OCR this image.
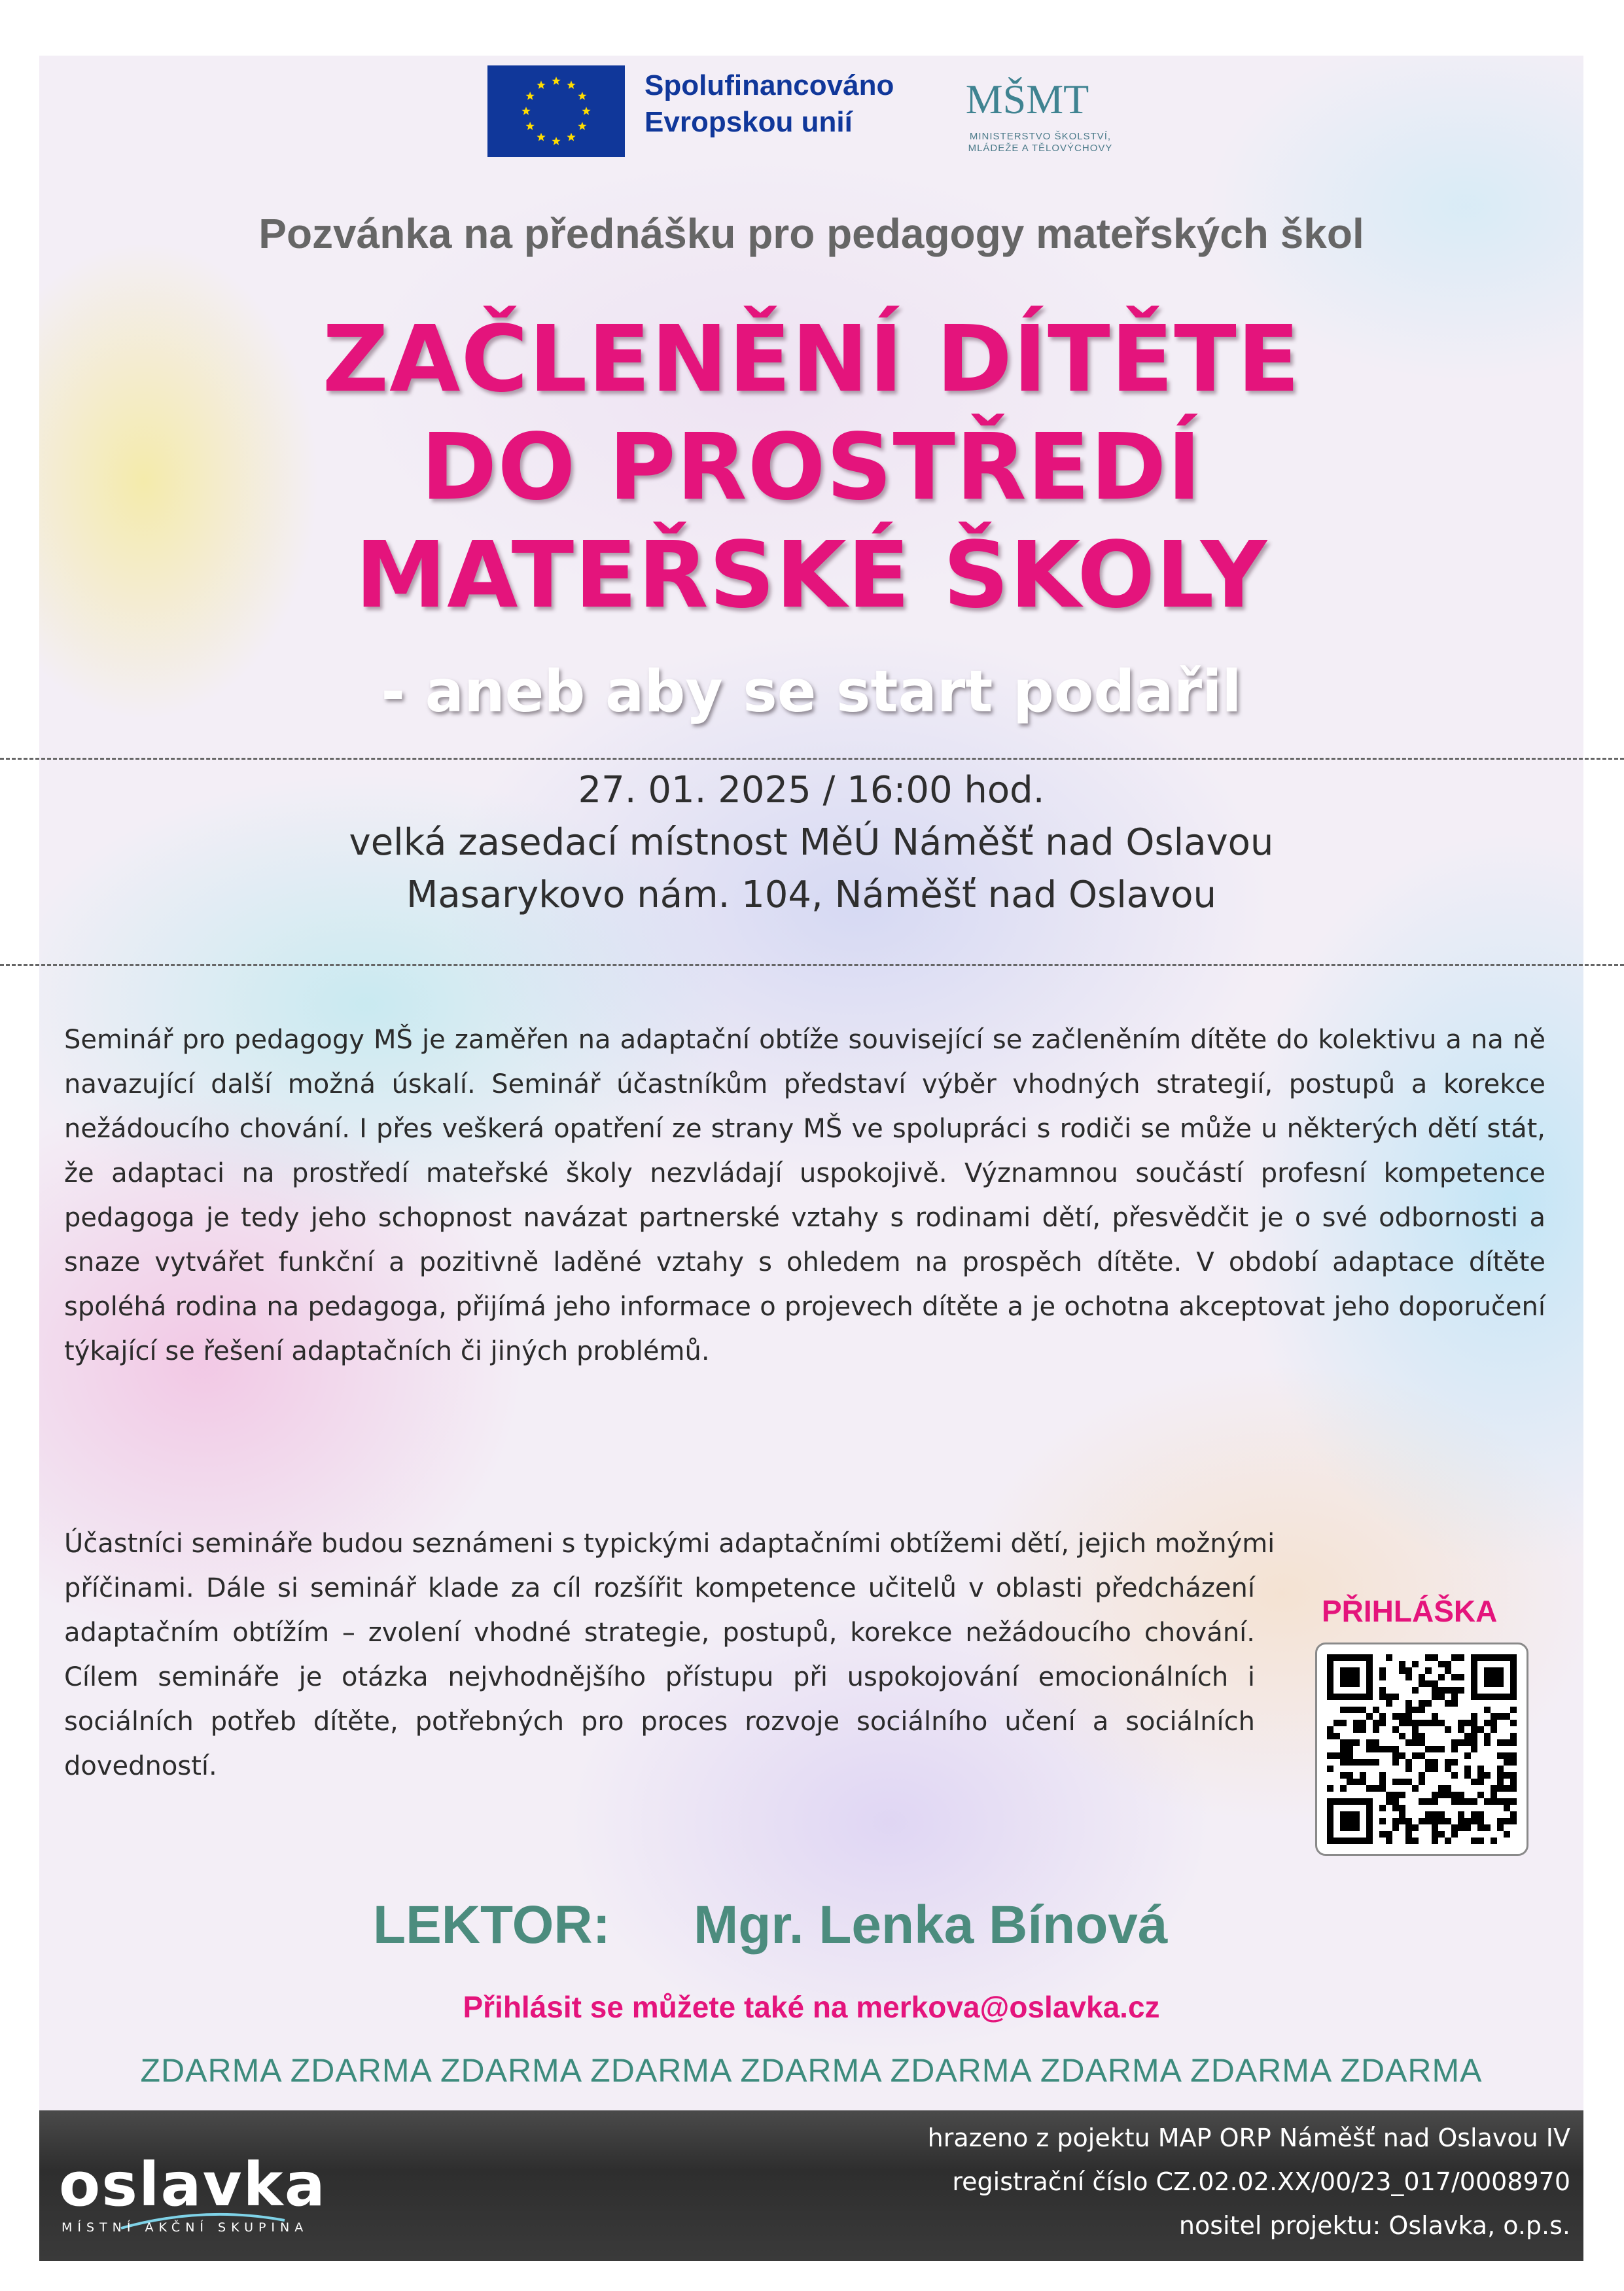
Spolufinancováno
Evropskou unií	MŠMT
MINISTERSTVO ŠKOLSTVÍ,
MLÁDEŽE A TĚLOVÝCHOVY
Pozvánka na přednášku pro pedagogy mateřských škol
ZAČLENĚNÍ DÍTĚTE
DO PROSTŘEDÍ
MATEŘSKÉ ŠKOLY
- aneb aby se start podařil
27. 01. 2025 / 16:00 hod.
velká zasedací místnost MěÚ Náměšť nad Oslavou
Masarykovo nám. 104, Náměšť nad Oslavou
Seminář pro pedagogy MŠ je zaměřen na adaptační obtíže související se začleněním dítěte do kolektivu a na ně navazující další možná úskalí. Seminář účastníkům představí výběr vhodných strategií, postupů a korekce nežádoucího chování. I přes veškerá opatření ze strany MŠ ve spolupráci s rodiči se může u některých dětí stát, že adaptaci na prostředí mateřské školy nezvládají uspokojivě. Významnou součástí profesní kompetence pedagoga je tedy jeho schopnost navázat partnerské vztahy s rodinami dětí, přesvědčit je o své odbornosti a snaze vytvářet funkční a pozitivně laděné vztahy s ohledem na prospěch dítěte. V období adaptace dítěte spoléhá rodina na pedagoga, přijímá jeho informace o projevech dítěte a je ochotna akceptovat jeho doporučení týkající se řešení adaptačních či jiných problémů.
Účastníci semináře budou seznámeni s typickými adaptačními obtížemi dětí, jejich možnými
příčinami. Dále si seminář klade za cíl rozšířit kompetence učitelů v oblasti předcházení adaptačním obtížím – zvolení vhodné strategie, postupů, korekce nežádoucího chování. Cílem semináře je otázka nejvhodnějšího přístupu při uspokojování emocionálních i sociálních potřeb dítěte, potřebných pro proces rozvoje sociálního učení a sociálních dovedností.
PŘIHLÁŠKA
LEKTOR: Mgr. Lenka Bínová
Přihlásit se můžete také na merkova@oslavka.cz
ZDARMA ZDARMA ZDARMA ZDARMA ZDARMA ZDARMA ZDARMA ZDARMA ZDARMA
oslavka
MÍSTNÍ AKČNÍ SKUPINA
hrazeno z pojektu MAP ORP Náměšť nad Oslavou IV
registrační číslo CZ.02.02.XX/00/23_017/0008970
nositel projektu: Oslavka, o.p.s.
